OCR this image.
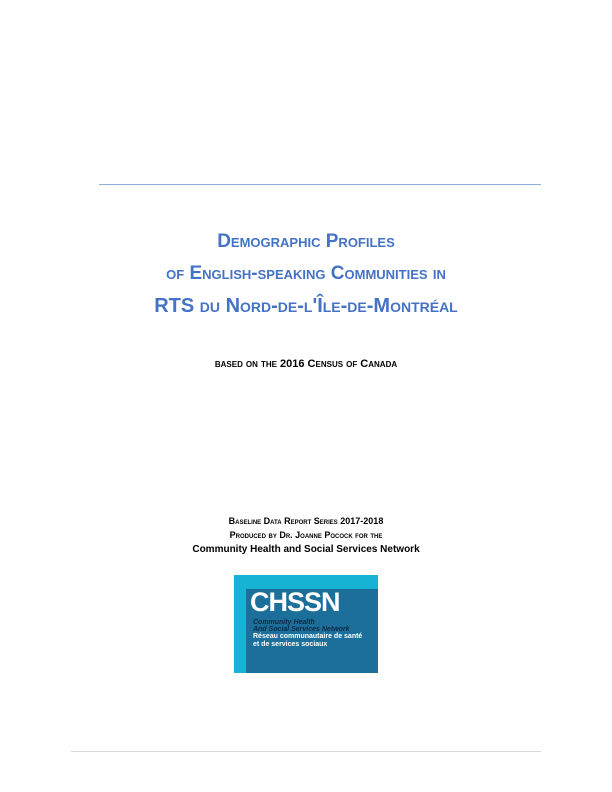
Demographic Profiles
of English-speaking Communities in
RTS du Nord-de-l'Île-de-Montréal
based on the 2016 Census of Canada
Baseline Data Report Series 2017-2018
Produced by Dr. Joanne Pocock for the
Community Health and Social Services Network
CHSSN
Community Health
And Social Services Network
Réseau communautaire de santé
et de services sociaux
